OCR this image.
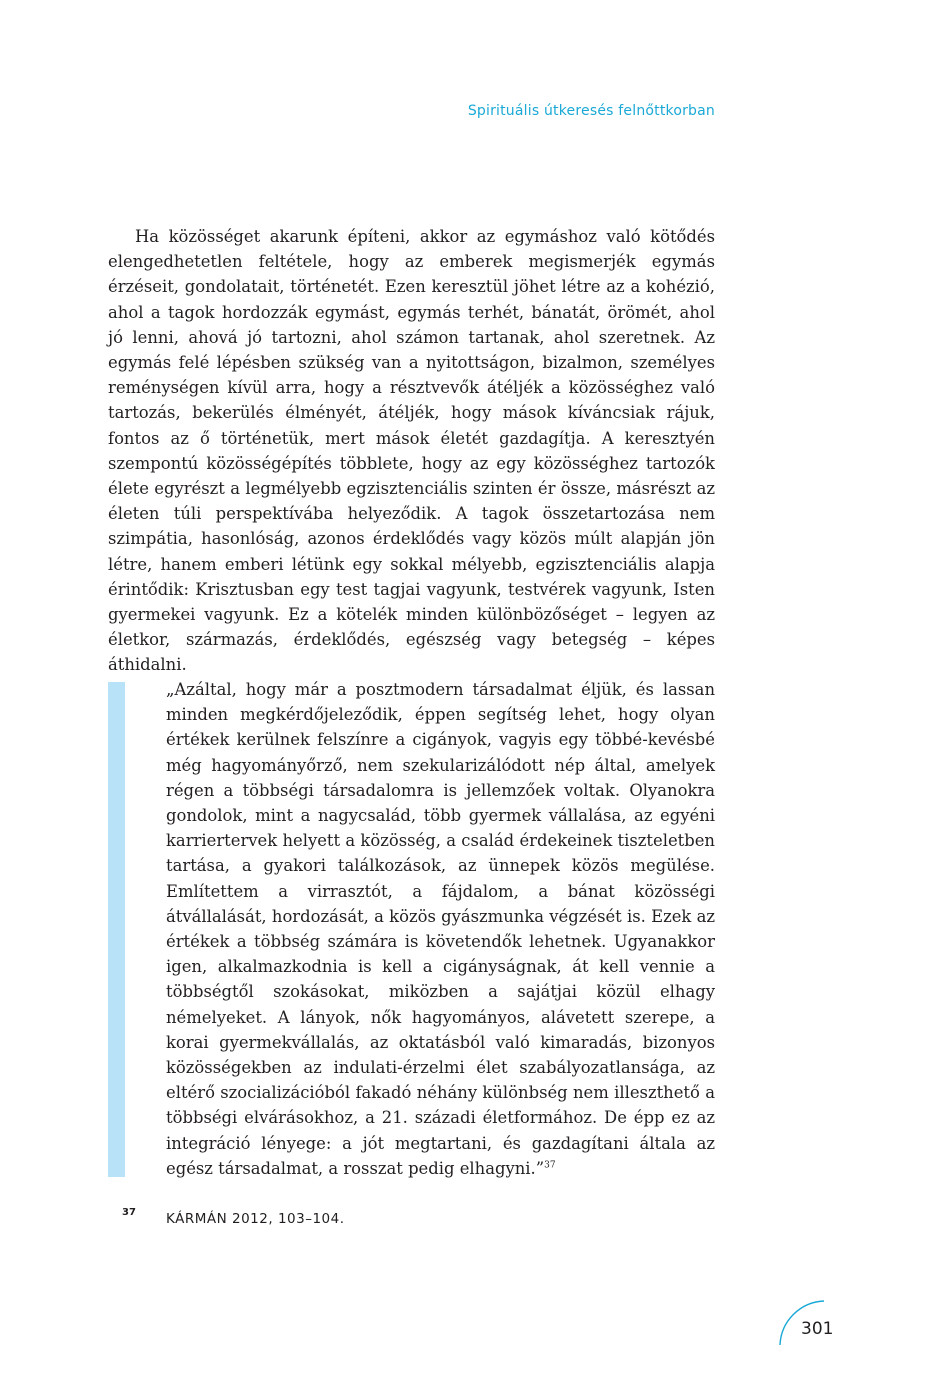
Spirituális útkeresés felnőttkorban

Ha közösséget akarunk építeni, akkor az egymáshoz való kötődés elengedhetetlen feltétele, hogy az emberek megismerjék egymás érzéseit, gondolatait, történetét. Ezen keresztül jöhet létre az a kohézió, ahol a tagok hordozzák egymást, egymás terhét, bánatát, örömét, ahol jó lenni, ahová jó tartozni, ahol számon tartanak, ahol szeretnek. Az egymás felé lépésben szükség van a nyitottságon, bizalmon, személyes reménységen kívül arra, hogy a résztvevők átéljék a közösséghez való tartozás, bekerülés élményét, átéljék, hogy mások kíváncsiak rájuk, fontos az ő történetük, mert mások életét gazdagítja. A keresztyén szempontú közösségépítés többlete, hogy az egy közösséghez tartozók élete egyrészt a legmélyebb egzisztenciális szinten ér össze, másrészt az életen túli perspektívába helyeződik. A tagok összetartozása nem szimpátia, hasonlóság, azonos érdeklődés vagy közös múlt alapján jön létre, hanem emberi létünk egy sokkal mélyebb, egzisztenciális alapja érintődik: Krisztusban egy test tagjai vagyunk, testvérek vagyunk, Isten gyermekei vagyunk. Ez a kötelék minden különbözőséget – legyen az életkor, származás, érdeklődés, egészség vagy betegség – képes áthidalni.

„Azáltal, hogy már a posztmodern társadalmat éljük, és lassan minden megkérdőjeleződik, éppen segítség lehet, hogy olyan értékek kerülnek felszínre a cigányok, vagyis egy többé-kevésbé még hagyományőrző, nem szekularizálódott nép által, amelyek régen a többségi társadalomra is jellemzőek voltak. Olyanokra gondolok, mint a nagycsalád, több gyermek vállalása, az egyéni karriertervek helyett a közösség, a család érdekeinek tiszteletben tartása, a gyakori találkozások, az ünnepek közös megülése. Említettem a virrasztót, a fájdalom, a bánat közösségi átvállalását, hordozását, a közös gyászmunka végzését is. Ezek az értékek a többség számára is követendők lehetnek. Ugyanakkor igen, alkalmazkodnia is kell a cigányságnak, át kell vennie a többségtől szokásokat, miközben a sajátjai közül elhagy némelyeket. A lányok, nők hagyományos, alávetett szerepe, a korai gyermekvállalás, az oktatásból való kimaradás, bizonyos közösségekben az indulati-érzelmi élet szabályozatlansága, az eltérő szocializációból fakadó néhány különbség nem illeszthető a többségi elvárásokhoz, a 21. századi életformához. De épp ez az integráció lényege: a jót megtartani, és gazdagítani általa az egész társadalmat, a rosszat pedig elhagyni.”$^{37}$

37 KÁRMÁN 2012, 103–104.
301
